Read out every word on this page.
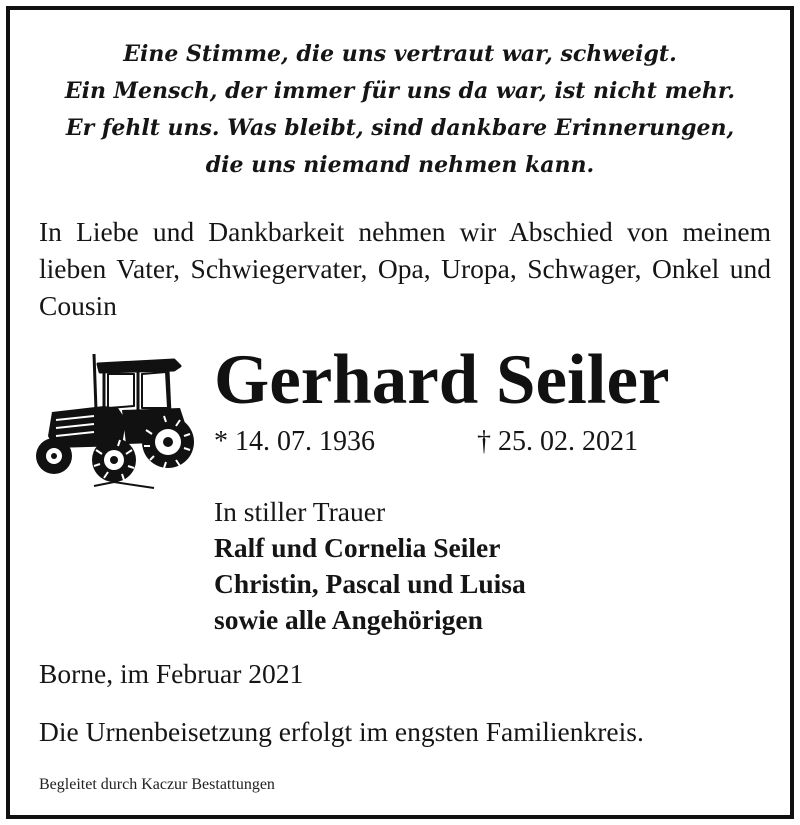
Eine Stimme, die uns vertraut war, schweigt.
Ein Mensch, der immer für uns da war, ist nicht mehr.
Er fehlt uns. Was bleibt, sind dankbare Erinnerungen,
die uns niemand nehmen kann.
In Liebe und Dankbarkeit nehmen wir Abschied von meinem lieben Vater, Schwiegervater, Opa, Uropa, Schwager, Onkel und Cousin
Gerhard Seiler
* 14. 07. 1936	† 25. 02. 2021
In stiller Trauer
Ralf und Cornelia Seiler
Christin, Pascal und Luisa
sowie alle Angehörigen
Borne, im Februar 2021
Die Urnenbeisetzung erfolgt im engsten Familienkreis.
Begleitet durch Kaczur Bestattungen
